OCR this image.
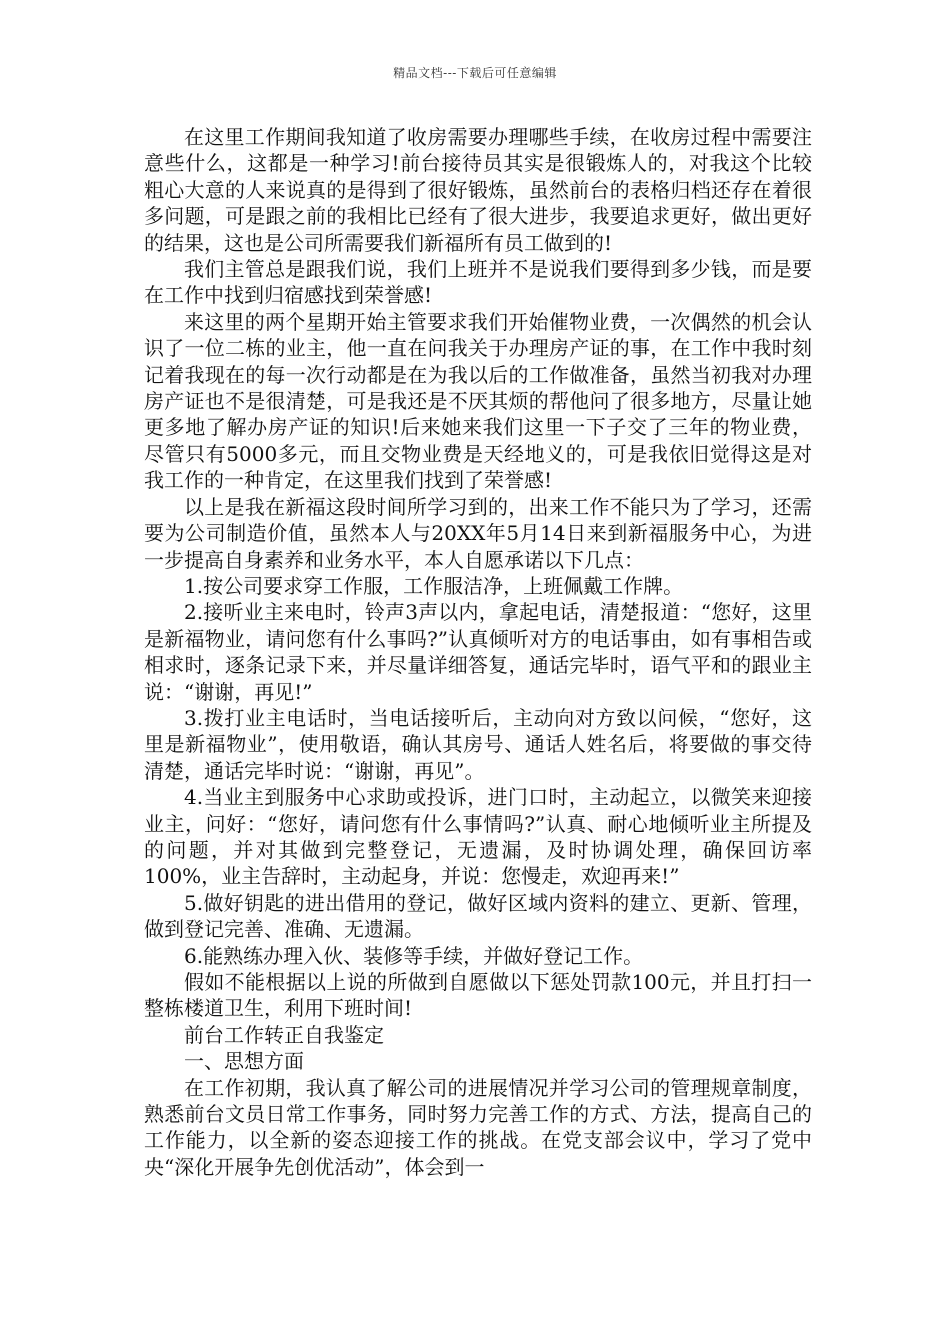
精品文档---下载后可任意编辑

在这里工作期间我知道了收房需要办理哪些手续，在收房过程中需要注意些什么，这都是一种学习!前台接待员其实是很锻炼人的，对我这个比较粗心大意的人来说真的是得到了很好锻炼，虽然前台的表格归档还存在着很多问题，可是跟之前的我相比已经有了很大进步，我要追求更好，做出更好的结果，这也是公司所需要我们新福所有员工做到的!

我们主管总是跟我们说，我们上班并不是说我们要得到多少钱，而是要在工作中找到归宿感找到荣誉感!

来这里的两个星期开始主管要求我们开始催物业费，一次偶然的机会认识了一位二栋的业主，他一直在问我关于办理房产证的事，在工作中我时刻记着我现在的每一次行动都是在为我以后的工作做准备，虽然当初我对办理房产证也不是很清楚，可是我还是不厌其烦的帮他问了很多地方，尽量让她更多地了解办房产证的知识!后来她来我们这里一下子交了三年的物业费，尽管只有5000多元，而且交物业费是天经地义的，可是我依旧觉得这是对我工作的一种肯定，在这里我们找到了荣誉感!

以上是我在新福这段时间所学习到的，出来工作不能只为了学习，还需要为公司制造价值，虽然本人与20XX年5月14日来到新福服务中心，为进一步提高自身素养和业务水平，本人自愿承诺以下几点：

1.按公司要求穿工作服，工作服洁净，上班佩戴工作牌。

2.接听业主来电时，铃声3声以内，拿起电话，清楚报道：“您好，这里是新福物业，请问您有什么事吗?”认真倾听对方的电话事由，如有事相告或相求时，逐条记录下来，并尽量详细答复，通话完毕时，语气平和的跟业主说：“谢谢，再见!”

3.拨打业主电话时，当电话接听后，主动向对方致以问候，“您好，这里是新福物业”，使用敬语，确认其房号、通话人姓名后，将要做的事交待清楚，通话完毕时说：“谢谢，再见”。

4.当业主到服务中心求助或投诉，进门口时，主动起立，以微笑来迎接业主，问好：“您好，请问您有什么事情吗?”认真、耐心地倾听业主所提及的问题，并对其做到完整登记，无遗漏，及时协调处理，确保回访率100%，业主告辞时，主动起身，并说：您慢走，欢迎再来!”

5.做好钥匙的进出借用的登记，做好区域内资料的建立、更新、管理，做到登记完善、准确、无遗漏。

6.能熟练办理入伙、装修等手续，并做好登记工作。

假如不能根据以上说的所做到自愿做以下惩处罚款100元，并且打扫一整栋楼道卫生，利用下班时间!

前台工作转正自我鉴定

一、思想方面

在工作初期，我认真了解公司的进展情况并学习公司的管理规章制度，熟悉前台文员日常工作事务，同时努力完善工作的方式、方法，提高自己的工作能力，以全新的姿态迎接工作的挑战。在党支部会议中，学习了党中央“深化开展争先创优活动”，体会到一
